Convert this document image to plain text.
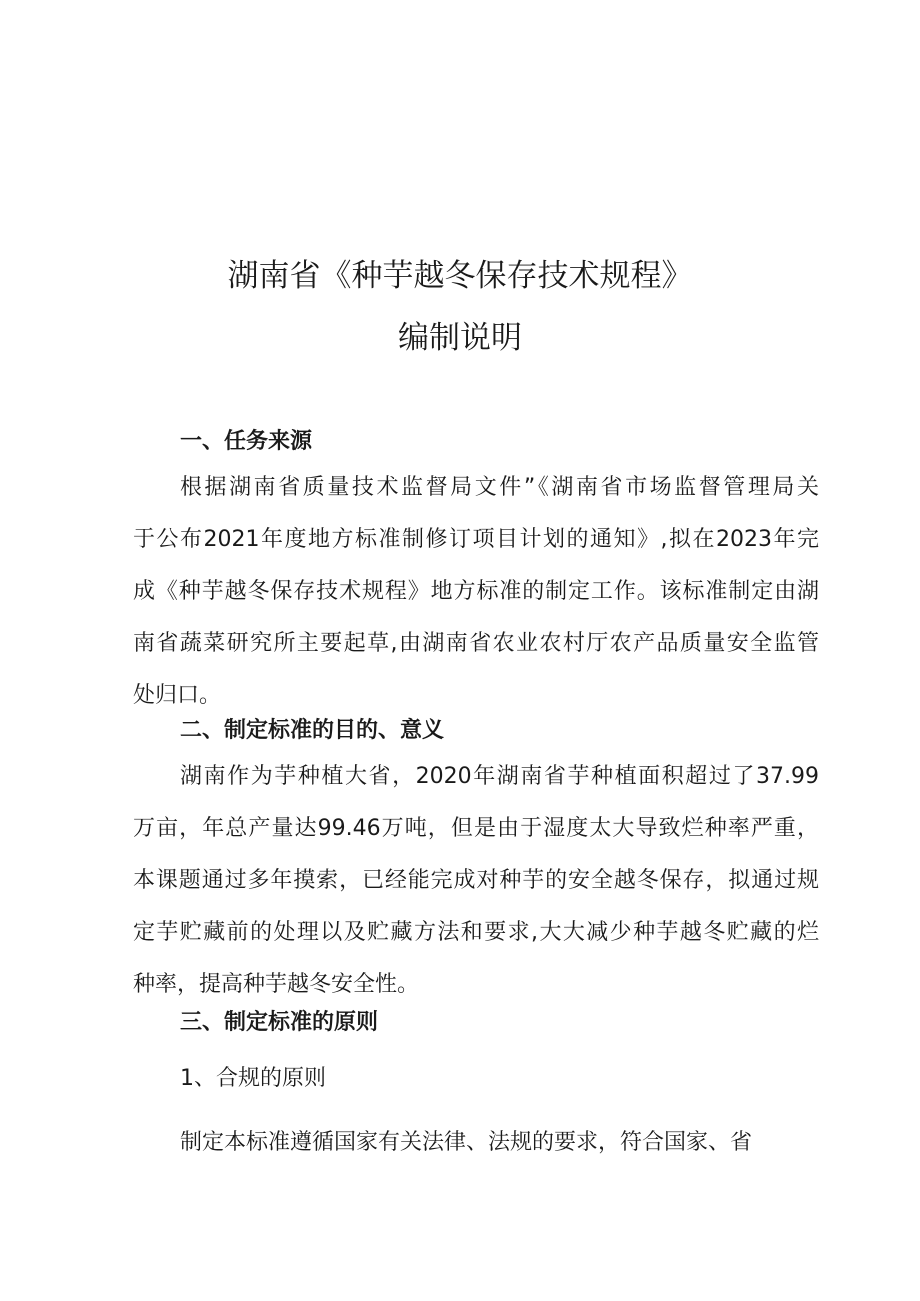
湖南省《种芋越冬保存技术规程》
编制说明
一、任务来源
根据湖南省质量技术监督局文件”《湖南省市场监督管理局关
于公布2021年度地方标准制修订项目计划的通知》,拟在2023年完
成《种芋越冬保存技术规程》地方标准的制定工作。该标准制定由湖
南省蔬菜研究所主要起草,由湖南省农业农村厅农产品质量安全监管
处归口。
二、制定标准的目的、意义
湖南作为芋种植大省，2020年湖南省芋种植面积超过了37.99
万亩，年总产量达99.46万吨，但是由于湿度太大导致烂种率严重，
本课题通过多年摸索，已经能完成对种芋的安全越冬保存，拟通过规
定芋贮藏前的处理以及贮藏方法和要求,大大减少种芋越冬贮藏的烂
种率，提高种芋越冬安全性。
三、制定标准的原则
1、合规的原则
制定本标准遵循国家有关法律、法规的要求，符合国家、省
